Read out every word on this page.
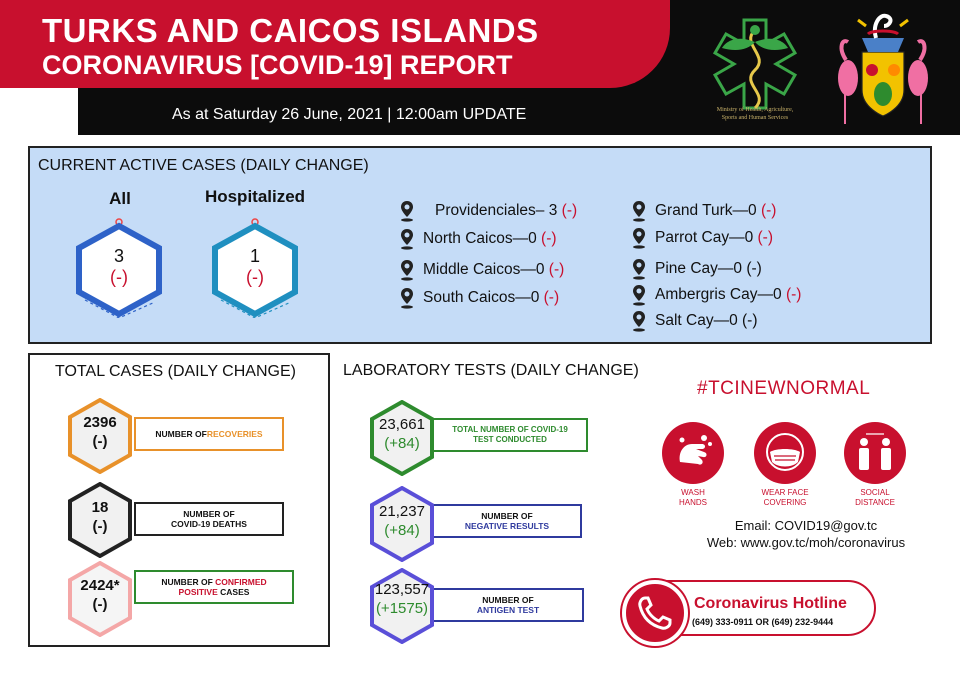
TURKS AND CAICOS ISLANDS
CORONAVIRUS [COVID-19] REPORT
As at Saturday 26 June, 2021 | 12:00am UPDATE	Ministry of Health, Agriculture,
Sports and Human Services
CURRENT ACTIVE CASES (DAILY CHANGE)
All
3
(-)
Hospitalized
1
(-)
Providenciales– 3
(-)
North Caicos—0
(-)
Middle Caicos—0
(-)
South Caicos—0
(-)
Grand Turk—0
(-)
Parrot Cay—0
(-)
Pine Cay—0
(-)
Ambergris Cay—0
(-)
Salt Cay—0
(-)
TOTAL CASES (DAILY CHANGE)
NUMBER OF RECOVERIES
2396
(-)
NUMBER OF
COVID-19 DEATHS
18
(-)
NUMBER OF CONFIRMED
POSITIVE CASES
2424*
(-)
LABORATORY TESTS (DAILY CHANGE)
TOTAL NUMBER OF COVID-19
TEST CONDUCTED
23,661
(+84)
NUMBER OF
NEGATIVE RESULTS
21,237
(+84)
NUMBER OF
ANTIGEN TEST
123,557
(+1575)
#TCINEWNORMAL
WASH
HANDS
WEAR FACE
COVERING
SOCIAL
DISTANCE
Email: COVID19@gov.tc
Web: www.gov.tc/moh/coronavirus
Coronavirus Hotline
(649) 333-0911 OR (649) 232-9444
